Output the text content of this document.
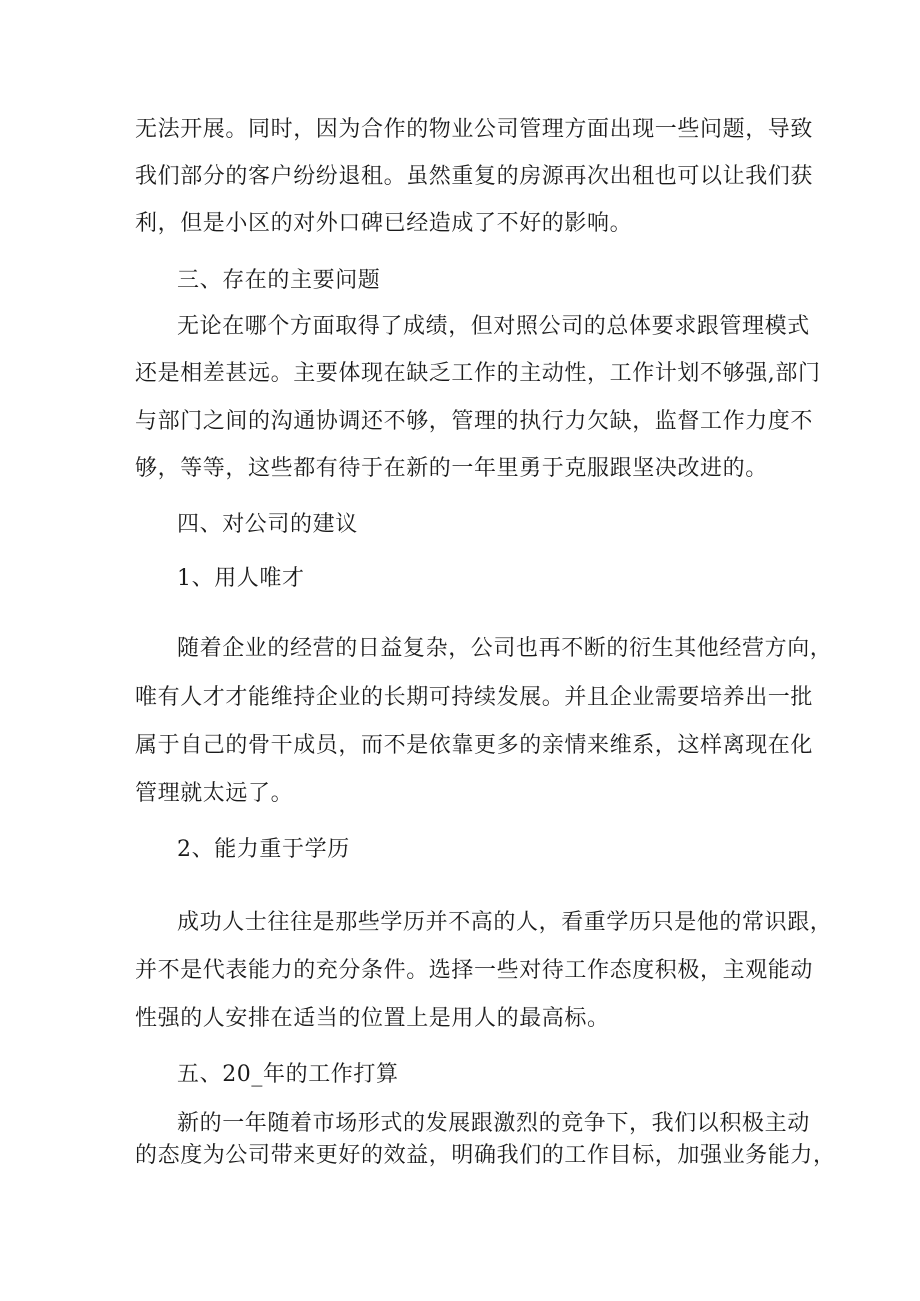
无法开展。同时，因为合作的物业公司管理方面出现一些问题，导致
我们部分的客户纷纷退租。虽然重复的房源再次出租也可以让我们获
利，但是小区的对外口碑已经造成了不好的影响。
三、存在的主要问题
无论在哪个方面取得了成绩，但对照公司的总体要求跟管理模式
还是相差甚远。主要体现在缺乏工作的主动性，工作计划不够强,部门
与部门之间的沟通协调还不够，管理的执行力欠缺，监督工作力度不
够，等等，这些都有待于在新的一年里勇于克服跟坚决改进的。
四、对公司的建议
1、用人唯才
随着企业的经营的日益复杂，公司也再不断的衍生其他经营方向，
唯有人才才能维持企业的长期可持续发展。并且企业需要培养出一批
属于自己的骨干成员，而不是依靠更多的亲情来维系，这样离现在化
管理就太远了。
2、能力重于学历
成功人士往往是那些学历并不高的人，看重学历只是他的常识跟，
并不是代表能力的充分条件。选择一些对待工作态度积极，主观能动
性强的人安排在适当的位置上是用人的最高标。
五、20_年的工作打算
新的一年随着市场形式的发展跟激烈的竞争下，我们以积极主动
的态度为公司带来更好的效益，明确我们的工作目标，加强业务能力，
